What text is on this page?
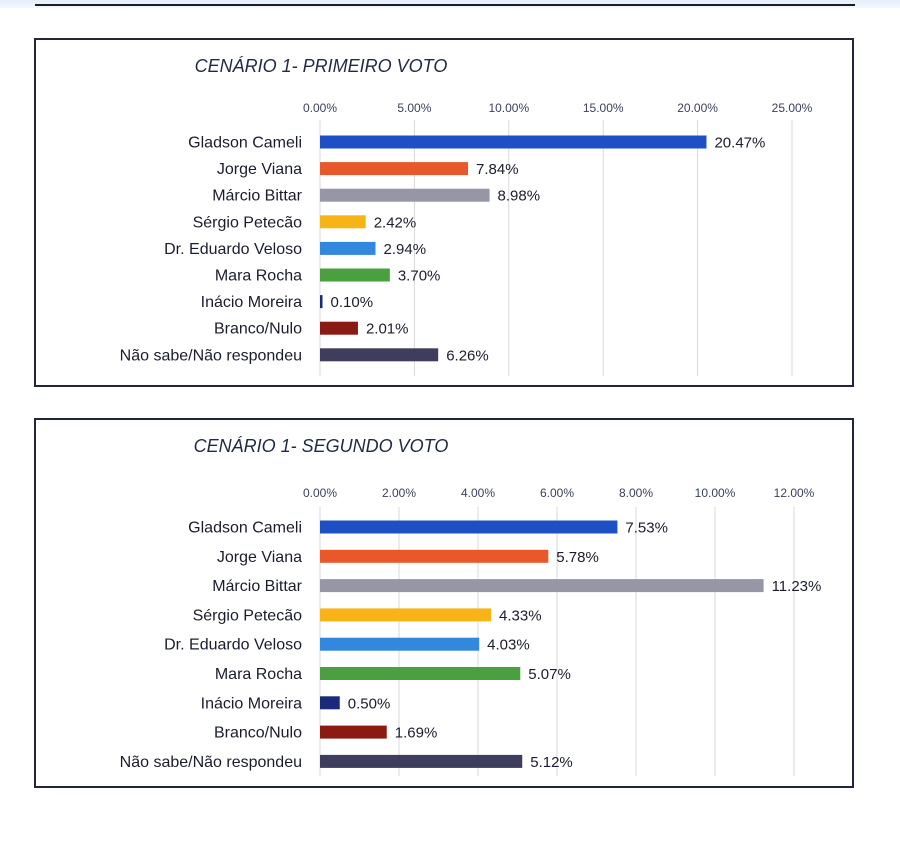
CENÁRIO 1- PRIMEIRO VOTO
0.00%	5.00%	10.00%	15.00%	20.00%	25.00%
Gladson Cameli
Jorge Viana
Márcio Bittar
Sérgio Petecão
Dr. Eduardo Veloso
Mara Rocha
Inácio Moreira
Branco/Nulo
Não sabe/Não respondeu
20.47%
7.84%
8.98%
2.42%
2.94%
3.70%
0.10%
2.01%
6.26%
CENÁRIO 1- SEGUNDO VOTO
0.00%	2.00%	4.00%	6.00%	8.00%	10.00%	12.00%
Gladson Cameli
Jorge Viana
Márcio Bittar
Sérgio Petecão
Dr. Eduardo Veloso
Mara Rocha
Inácio Moreira
Branco/Nulo
Não sabe/Não respondeu
7.53%
5.78%
11.23%
4.33%
4.03%
5.07%
0.50%
1.69%
5.12%
